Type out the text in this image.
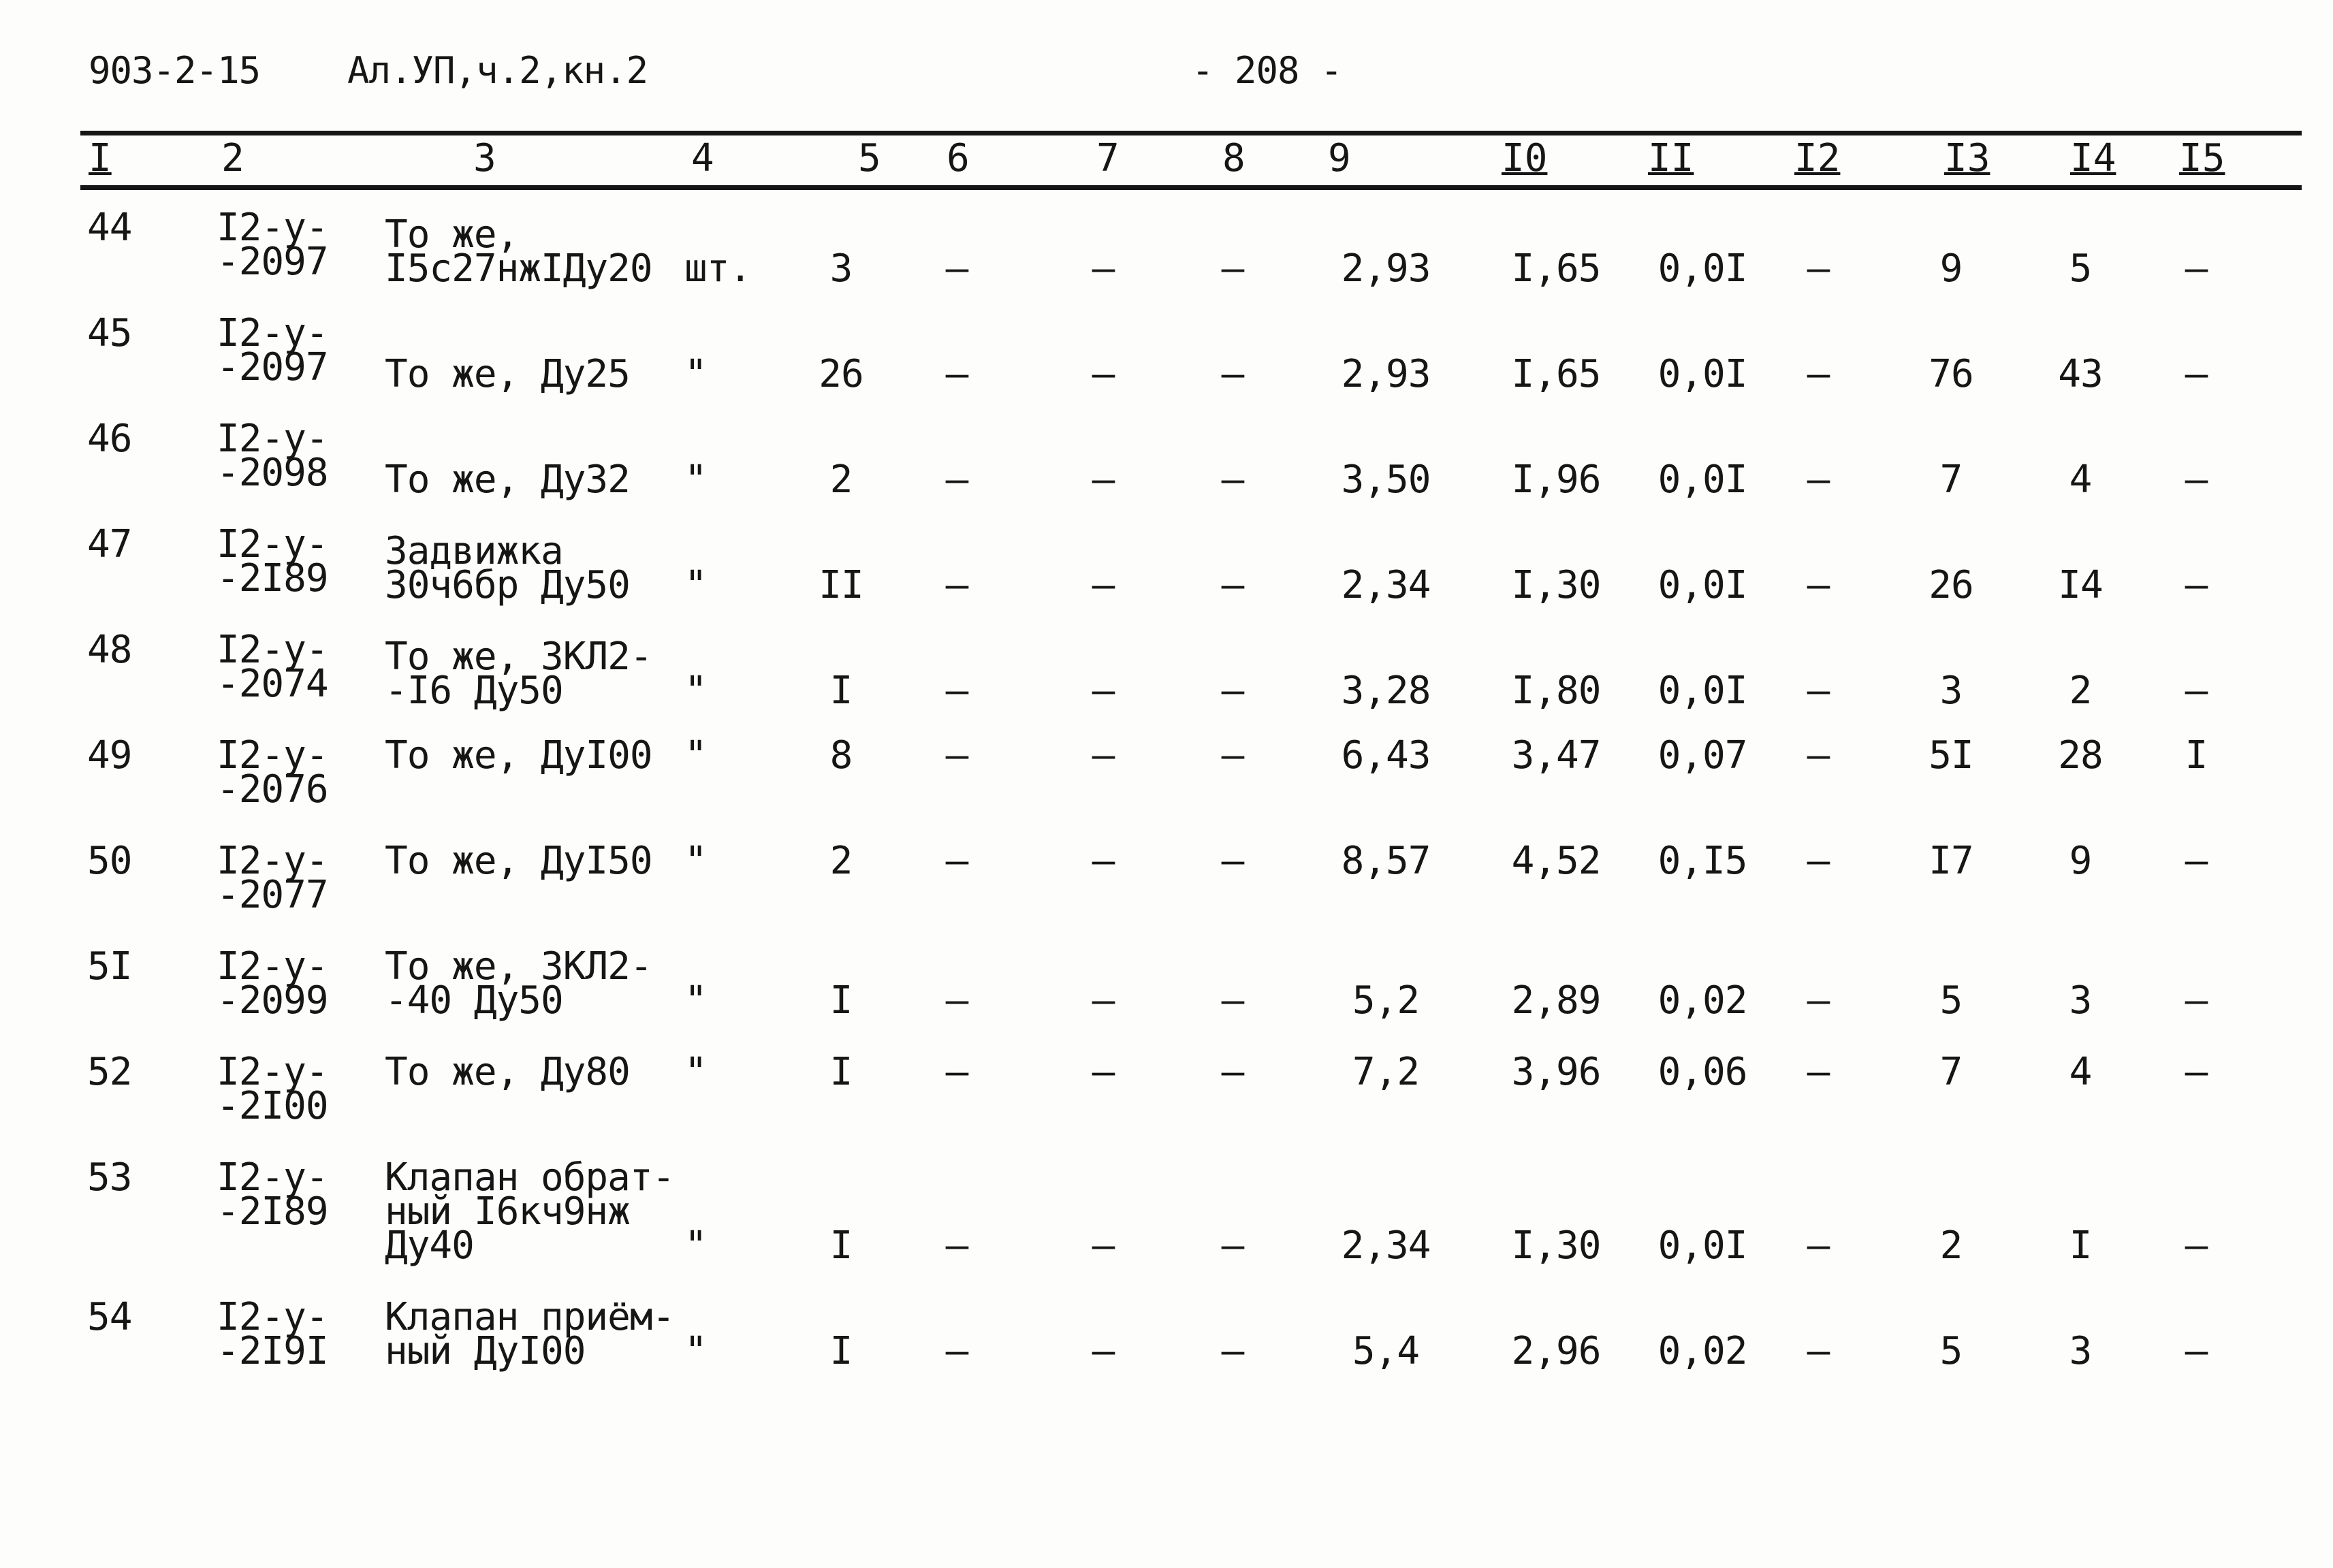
903-2-15 Ал.УП,ч.2,кн.2	- 208 -
I	2	3	4	5 6	7	8 9	I0	II	I2	I3 I4 I5
44 I2-у-
-2097
То же,
I5с27нжIДу20 шт.	3	–	–	–	2,93	I,65	0,0I	–	9	5	–
45 I2-у-
-2097 То же, Ду25 "	26	–	–	–	2,93	I,65	0,0I	–	76	43	–
46 I2-у-
-2098 То же, Ду32 "	2	–	–	–	3,50	I,96	0,0I	–	7	4	–
47 I2-у-
-2I89
Задвижка
30ч6бр Ду50 "	II	–	–	–	2,34	I,30	0,0I	–	26	I4	–
48 I2-у-
-2074
То же, ЗКЛ2-
-I6 Ду50	"	I	–	–	–	3,28	I,80	0,0I	–	3	2	–
49 I2-у-
-2076
То же, ДуI00 "	8	–	–	–	6,43	3,47	0,07	–	5I	28	I
50 I2-у-
-2077
То же, ДуI50 "	2	–	–	–	8,57	4,52	0,I5	–	I7	9	–
5I I2-у-
-2099
То же, ЗКЛ2-
-40 Ду50	"	I	–	–	–	5,2	2,89	0,02	–	5	3	–
52 I2-у-
-2I00
То же, Ду80 "	I	–	–	–	7,2	3,96	0,06	–	7	4	–
53 I2-у-
-2I89
Клапан обрат-
ный I6кч9нж
Ду40	"	I	–	–	–	2,34	I,30	0,0I	–	2	I	–
54 I2-у-
-2I9I
Клапан приём-
ный ДуI00	"	I	–	–	–	5,4	2,96	0,02	–	5	3	–
